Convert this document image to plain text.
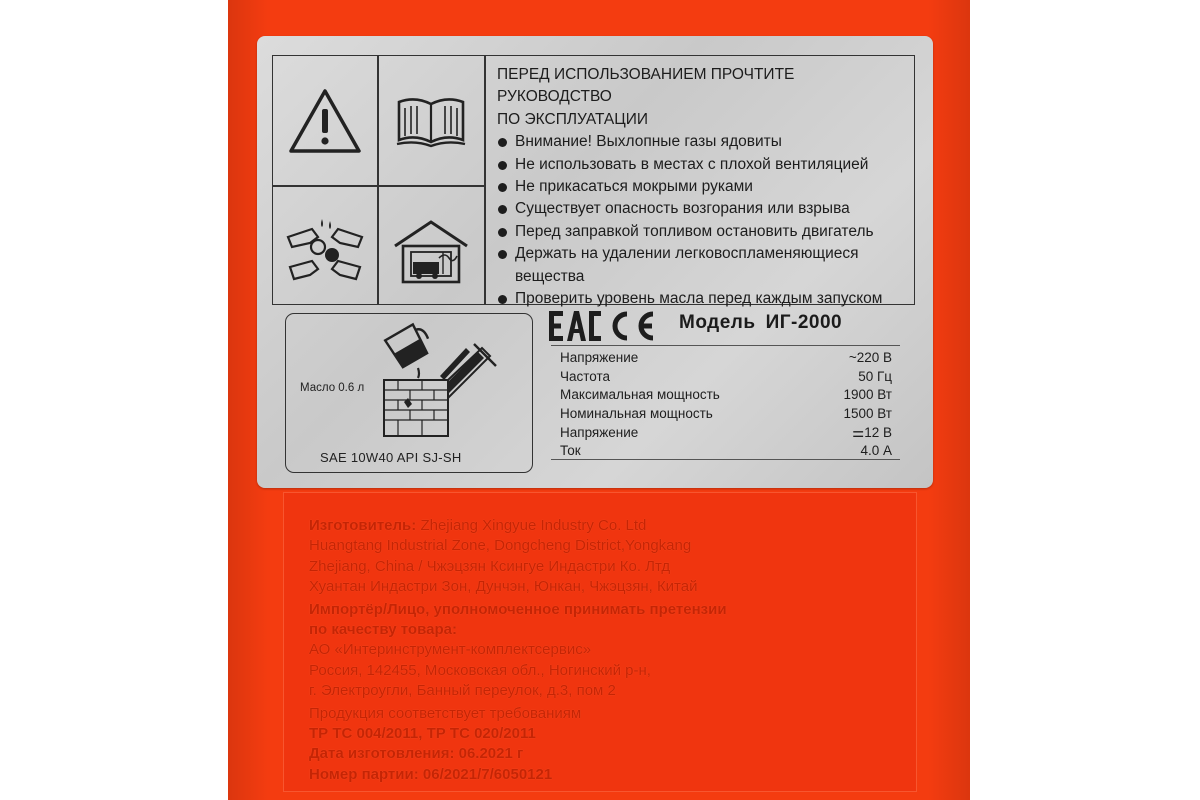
ПЕРЕД ИСПОЛЬЗОВАНИЕМ ПРОЧТИТЕ РУКОВОДСТВО
ПО ЭКСПЛУАТАЦИИ
Внимание! Выхлопные газы ядовиты
Не использовать в местах с плохой вентиляцией
Не прикасаться мокрыми руками
Существует опасность возгорания или взрыва
Перед заправкой топливом остановить двигатель
Держать на удалении легковоспламеняющиеся вещества
Проверить уровень масла перед каждым запуском
Масло 0.6 л
SAE 10W40 API SJ-SH
Модель ИГ-2000
Напряжение	~220 В
Частота	50 Гц
Максимальная мощность	1900 Вт
Номинальная мощность	1500 Вт
Напряжение	⚌12 В
Ток	4.0 А
Изготовитель: Zhejiang Xingyue Industry Co. Ltd
Huangtang Industrial Zone, Dongcheng District,Yongkang
Zhejiang, China / Чжэцзян Ксингуе Индастри Ко. Лтд
Хуантан Индастри Зон, Дунчэн, Юнкан, Чжэцзян, Китай
Импортёр/Лицо, уполномоченное принимать претензии
по качеству товара:
АО «Интеринструмент-комплектсервис»
Россия, 142455, Московская обл., Ногинский р-н,
г. Электроугли, Банный переулок, д.3, пом 2
Продукция соответствует требованиям
ТР ТС 004/2011, ТР ТС 020/2011
Дата изготовления: 06.2021 г
Номер партии: 06/2021/7/6050121
